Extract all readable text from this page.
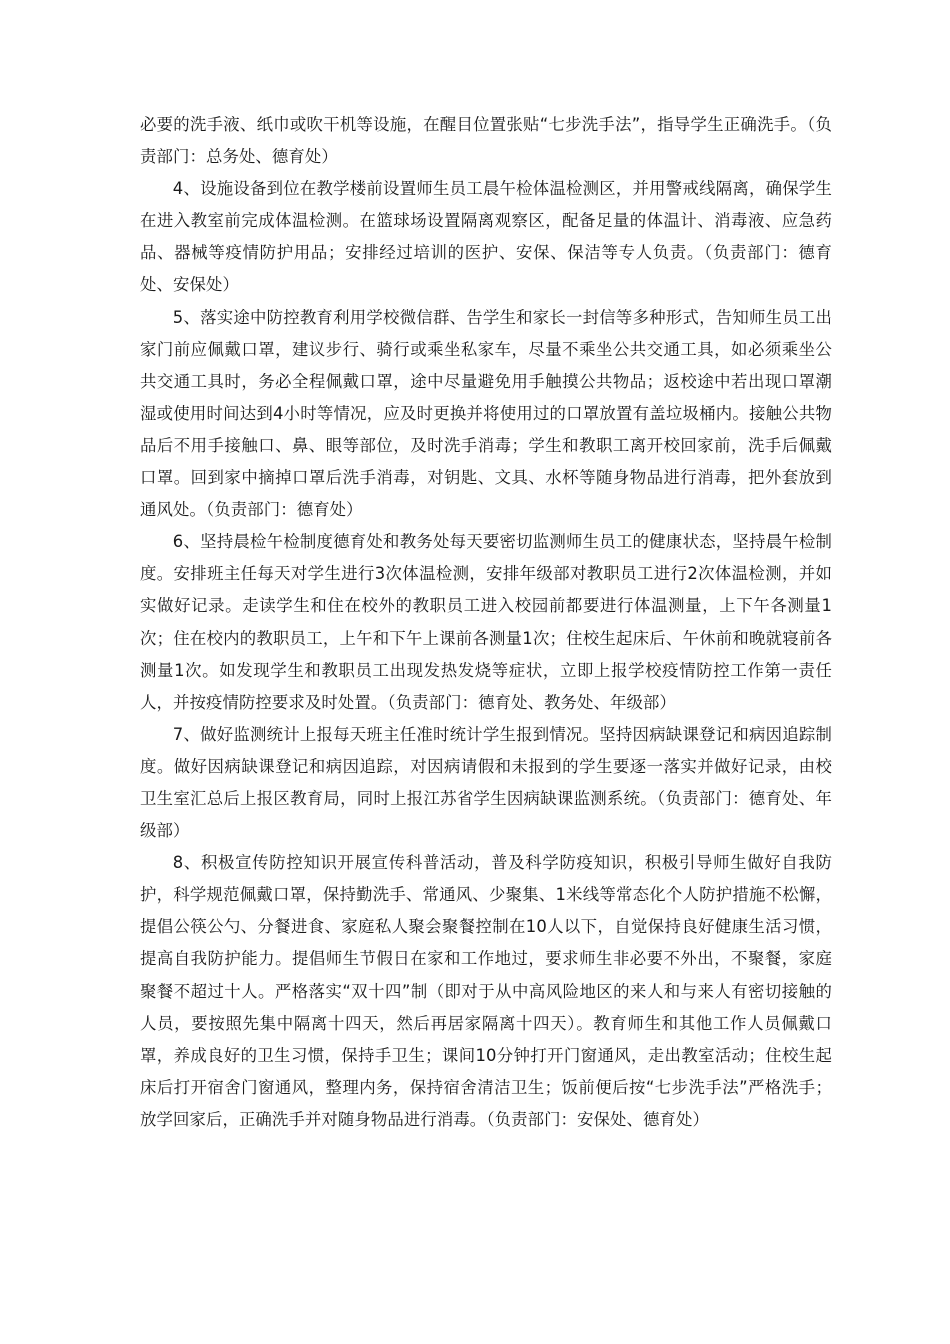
必要的洗手液、纸巾或吹干机等设施，在醒目位置张贴“七步洗手法”，指导学生正确洗手。（负责部门：总务处、德育处）

4、设施设备到位在教学楼前设置师生员工晨午检体温检测区，并用警戒线隔离，确保学生在进入教室前完成体温检测。在篮球场设置隔离观察区，配备足量的体温计、消毒液、应急药品、器械等疫情防护用品；安排经过培训的医护、安保、保洁等专人负责。（负责部门：德育处、安保处）

5、落实途中防控教育利用学校微信群、告学生和家长一封信等多种形式，告知师生员工出家门前应佩戴口罩，建议步行、骑行或乘坐私家车，尽量不乘坐公共交通工具，如必须乘坐公共交通工具时，务必全程佩戴口罩，途中尽量避免用手触摸公共物品；返校途中若出现口罩潮湿或使用时间达到4小时等情况，应及时更换并将使用过的口罩放置有盖垃圾桶内。接触公共物品后不用手接触口、鼻、眼等部位，及时洗手消毒；学生和教职工离开校回家前，洗手后佩戴口罩。回到家中摘掉口罩后洗手消毒，对钥匙、文具、水杯等随身物品进行消毒，把外套放到通风处。（负责部门：德育处）

6、坚持晨检午检制度德育处和教务处每天要密切监测师生员工的健康状态，坚持晨午检制度。安排班主任每天对学生进行3次体温检测，安排年级部对教职员工进行2次体温检测，并如实做好记录。走读学生和住在校外的教职员工进入校园前都要进行体温测量，上下午各测量1次；住在校内的教职员工，上午和下午上课前各测量1次；住校生起床后、午休前和晚就寝前各测量1次。如发现学生和教职员工出现发热发烧等症状，立即上报学校疫情防控工作第一责任人，并按疫情防控要求及时处置。（负责部门：德育处、教务处、年级部）

7、做好监测统计上报每天班主任准时统计学生报到情况。坚持因病缺课登记和病因追踪制度。做好因病缺课登记和病因追踪，对因病请假和未报到的学生要逐一落实并做好记录，由校卫生室汇总后上报区教育局，同时上报江苏省学生因病缺课监测系统。（负责部门：德育处、年级部）

8、积极宣传防控知识开展宣传科普活动，普及科学防疫知识，积极引导师生做好自我防护，科学规范佩戴口罩，保持勤洗手、常通风、少聚集、1米线等常态化个人防护措施不松懈，提倡公筷公勺、分餐进食、家庭私人聚会聚餐控制在10人以下，自觉保持良好健康生活习惯，提高自我防护能力。提倡师生节假日在家和工作地过，要求师生非必要不外出，不聚餐，家庭聚餐不超过十人。严格落实“双十四”制（即对于从中高风险地区的来人和与来人有密切接触的人员，要按照先集中隔离十四天，然后再居家隔离十四天）。教育师生和其他工作人员佩戴口罩，养成良好的卫生习惯，保持手卫生；课间10分钟打开门窗通风，走出教室活动；住校生起床后打开宿舍门窗通风，整理内务，保持宿舍清洁卫生；饭前便后按“七步洗手法”严格洗手；放学回家后，正确洗手并对随身物品进行消毒。（负责部门：安保处、德育处）
